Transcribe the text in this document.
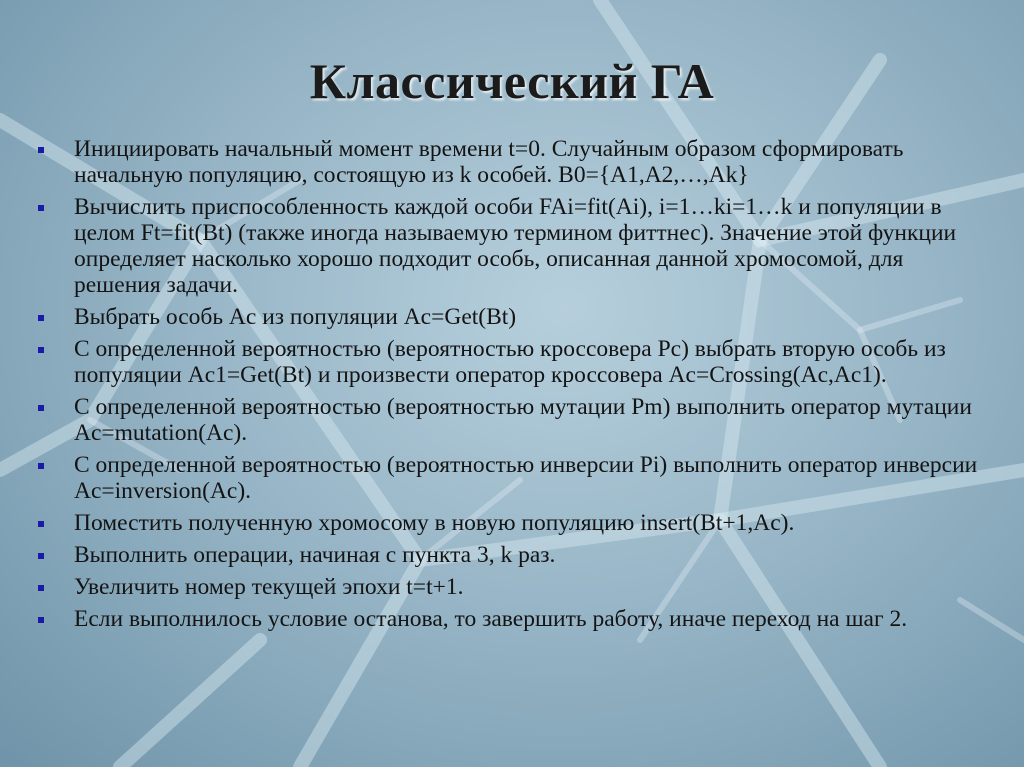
Классический ГА
Инициировать начальный момент времени t=0. Случайным образом сформировать начальную популяцию, состоящую из k особей. B0={A1,A2,…,Ak}
Вычислить приспособленность каждой особи FAi=fit(Ai), i=1…ki=1…k и популяции в целом Ft=fit(Bt) (также иногда называемую термином фиттнес). Значение этой функции определяет насколько хорошо подходит особь, описанная данной хромосомой, для решения задачи.
Выбрать особь Ac из популяции Ac=Get(Bt)
С определенной вероятностью (вероятностью кроссовера Pc) выбрать вторую особь из популяции Ac1=Get(Bt) и произвести оператор кроссовера Ac=Crossing(Ac,Ac1).
С определенной вероятностью (вероятностью мутации Pm) выполнить оператор мутации Ac=mutation(Ac).
С определенной вероятностью (вероятностью инверсии Pi) выполнить оператор инверсии Ac=inversion(Ac).
Поместить полученную хромосому в новую популяцию insert(Bt+1,Ac).
Выполнить операции, начиная с пункта 3, k раз.
Увеличить номер текущей эпохи t=t+1.
Если выполнилось условие останова, то завершить работу, иначе переход на шаг 2.
